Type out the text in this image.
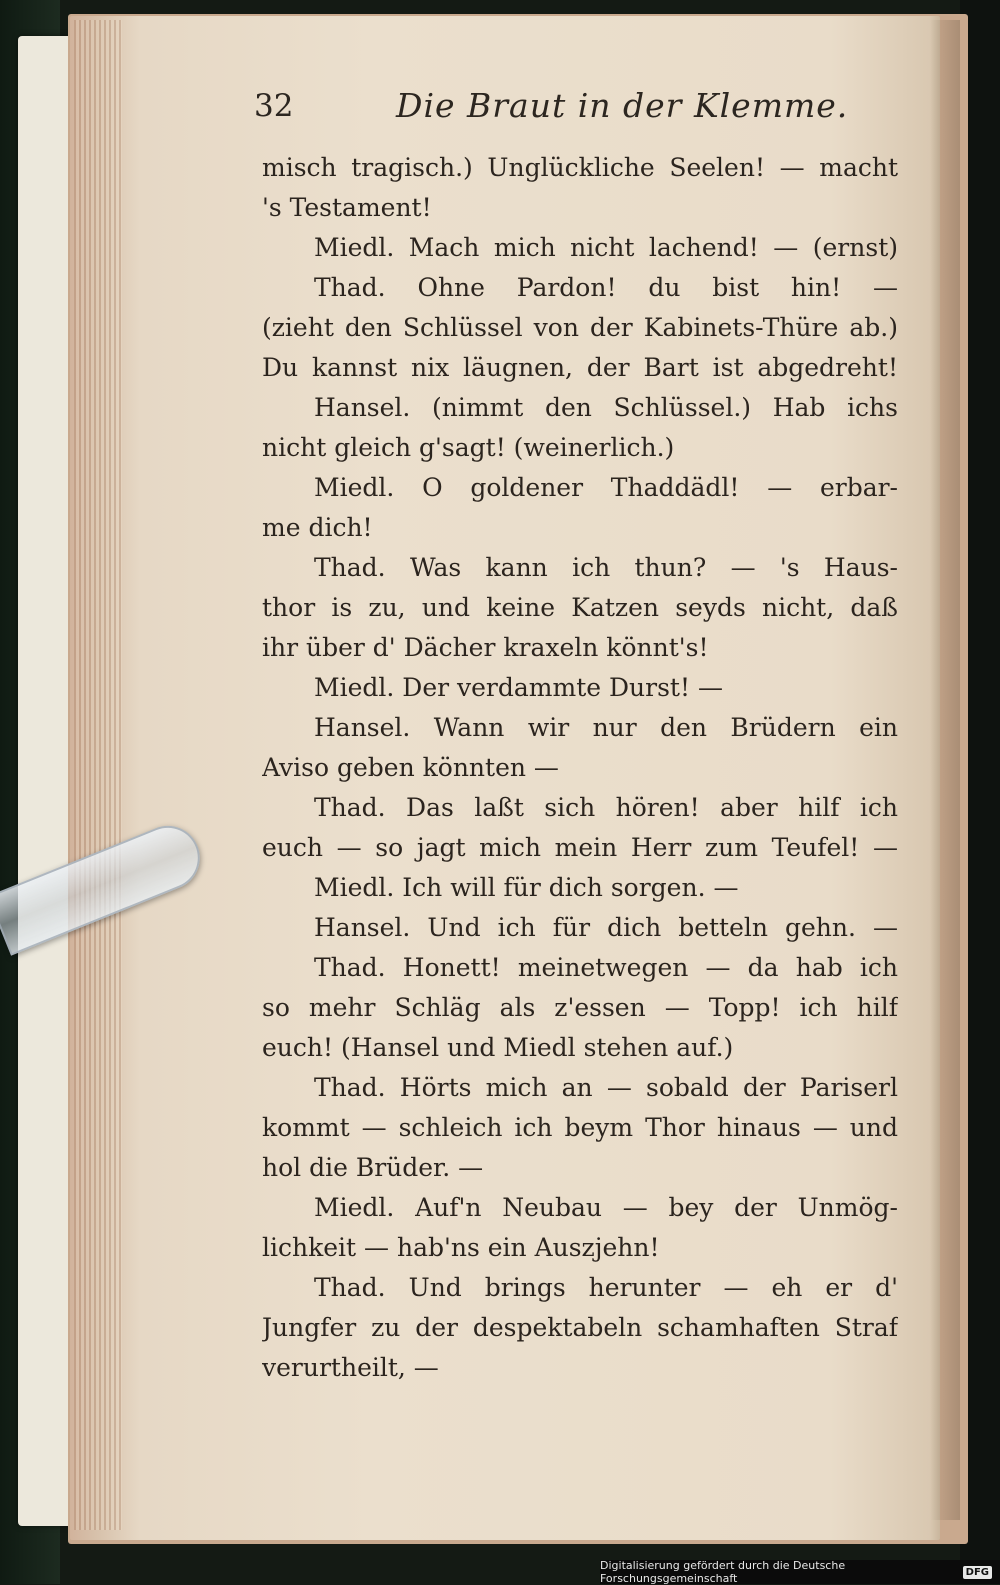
32	Die Braut in der Klemme.
misch tragisch.) Unglückliche Seelen! — macht
's Testament!
Miedl. Mach mich nicht lachend! — (ernst)
Thad. Ohne Pardon! du bist hin! —
(zieht den Schlüssel von der Kabinets-Thüre ab.)
Du kannst nix läugnen, der Bart ist abgedreht!
Hansel. (nimmt den Schlüssel.) Hab ichs
nicht gleich g'sagt! (weinerlich.)
Miedl. O goldener Thaddädl! — erbar-
me dich!
Thad. Was kann ich thun? — 's Haus-
thor is zu, und keine Katzen seyds nicht, daß
ihr über d' Dächer kraxeln könnt's!
Miedl. Der verdammte Durst! —
Hansel. Wann wir nur den Brüdern ein
Aviso geben könnten —
Thad. Das laßt sich hören! aber hilf ich
euch — so jagt mich mein Herr zum Teufel! —
Miedl. Ich will für dich sorgen. —
Hansel. Und ich für dich betteln gehn. —
Thad. Honett! meinetwegen — da hab ich
so mehr Schläg als z'essen — Topp! ich hilf
euch! (Hansel und Miedl stehen auf.)
Thad. Hörts mich an — sobald der Pariserl
kommt — schleich ich beym Thor hinaus — und
hol die Brüder. —
Miedl. Auf'n Neubau — bey der Unmög-
lichkeit — hab'ns ein Auszjehn!
Thad. Und brings herunter — eh er d'
Jungfer zu der despektabeln schamhaften Straf
verurtheilt, —
Digitalisierung gefördert durch die Deutsche Forschungsgemeinschaft	DFG
